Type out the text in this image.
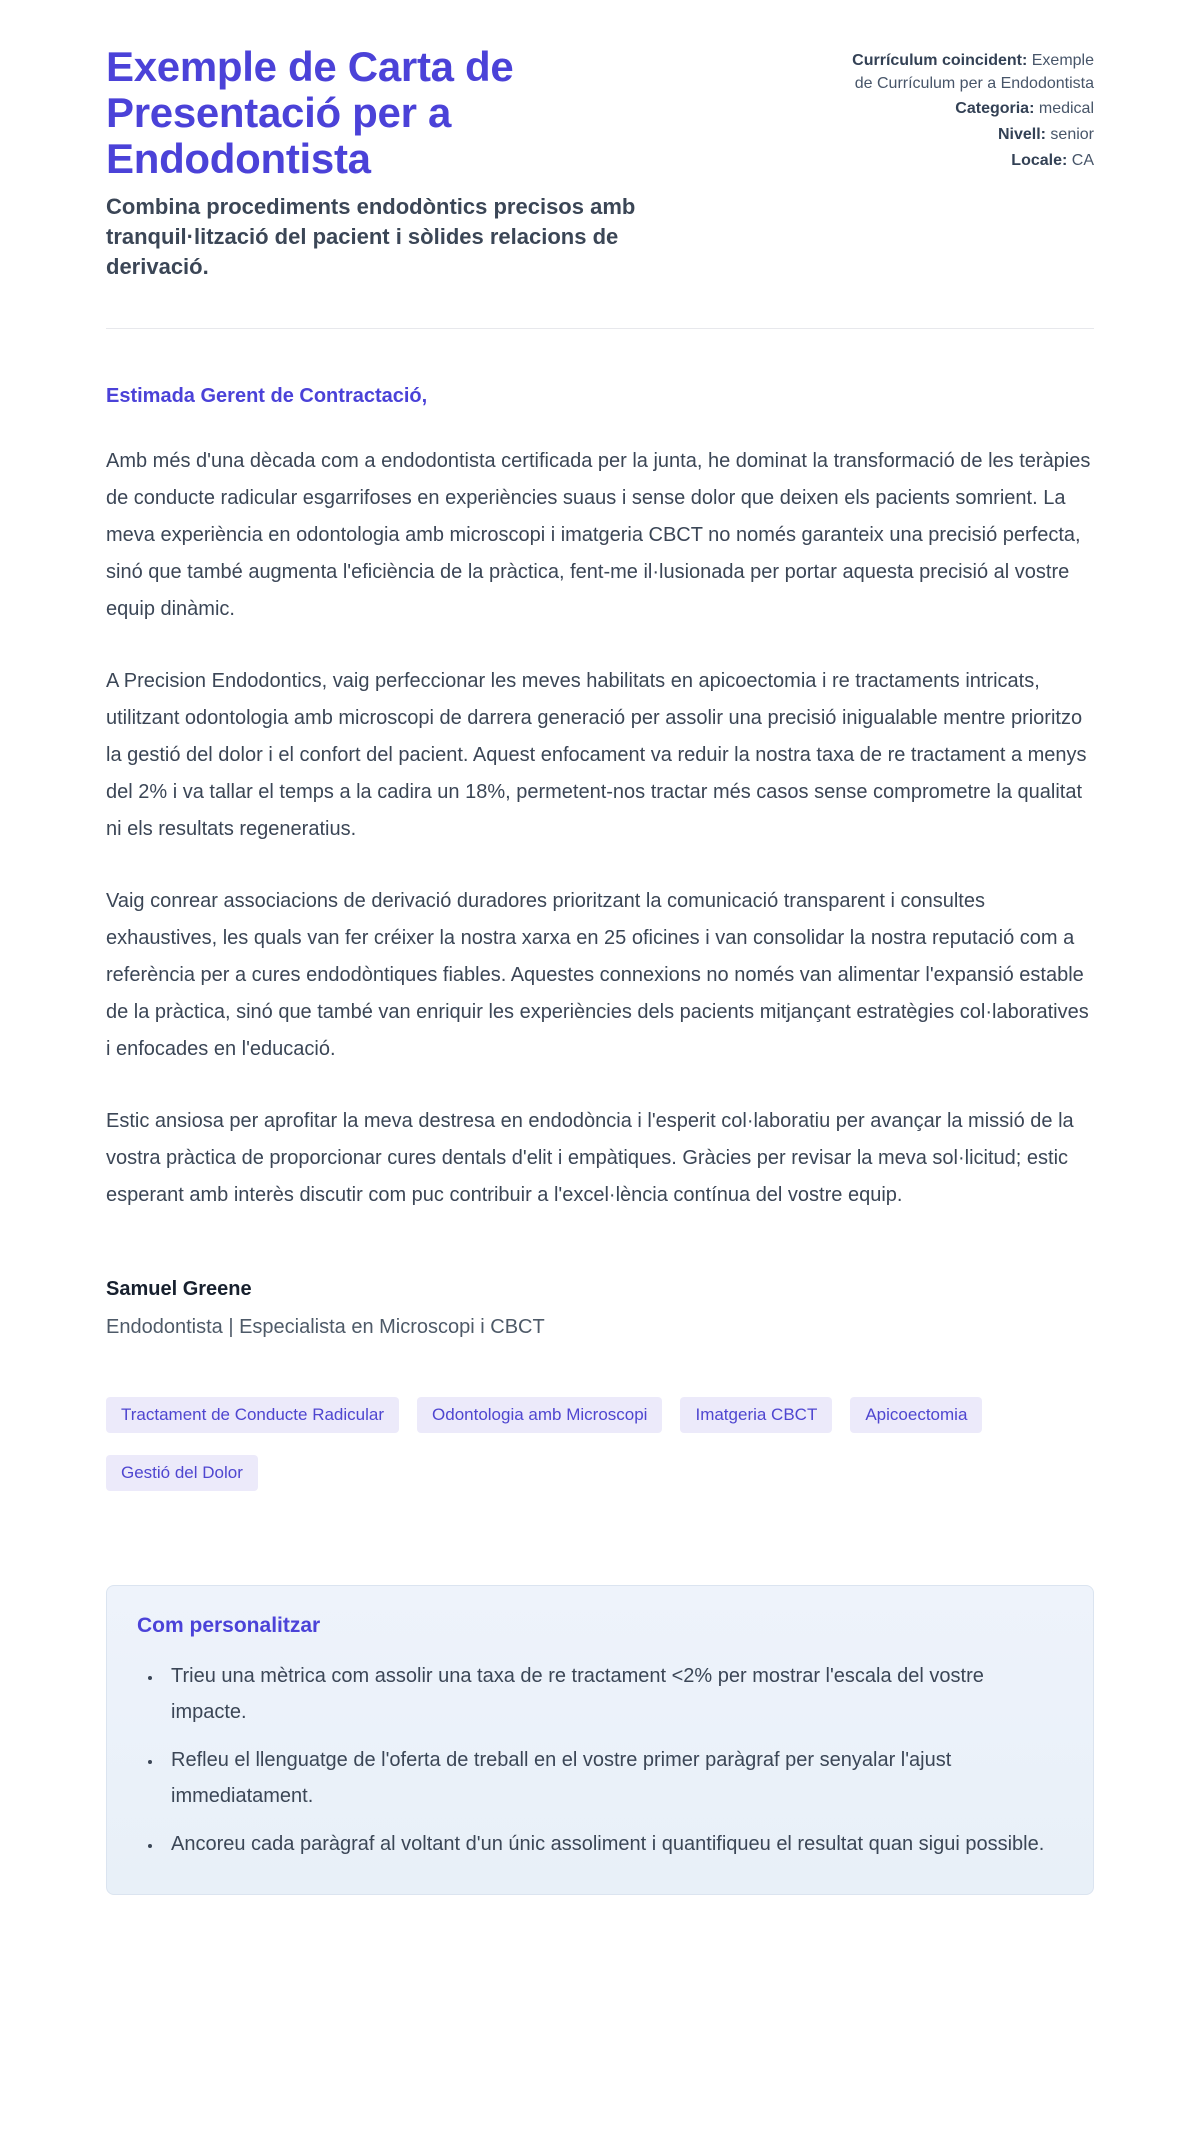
Exemple de Carta de Presentació per a Endodontista

Combina procediments endodòntics precisos amb tranquil·lització del pacient i sòlides relacions de derivació.

Currículum coincident: Exemple de Currículum per a Endodontista
Categoria: medical
Nivell: senior
Locale: CA
Estimada Gerent de Contractació,

Amb més d'una dècada com a endodontista certificada per la junta, he dominat la transformació de les teràpies de conducte radicular esgarrifoses en experiències suaus i sense dolor que deixen els pacients somrient. La meva experiència en odontologia amb microscopi i imatgeria CBCT no només garanteix una precisió perfecta, sinó que també augmenta l'eficiència de la pràctica, fent-me il·lusionada per portar aquesta precisió al vostre equip dinàmic.

A Precision Endodontics, vaig perfeccionar les meves habilitats en apicoectomia i re tractaments intricats, utilitzant odontologia amb microscopi de darrera generació per assolir una precisió inigualable mentre prioritzo la gestió del dolor i el confort del pacient. Aquest enfocament va reduir la nostra taxa de re tractament a menys del 2% i va tallar el temps a la cadira un 18%, permetent-nos tractar més casos sense comprometre la qualitat ni els resultats regeneratius.

Vaig conrear associacions de derivació duradores prioritzant la comunicació transparent i consultes exhaustives, les quals van fer créixer la nostra xarxa en 25 oficines i van consolidar la nostra reputació com a referència per a cures endodòntiques fiables. Aquestes connexions no només van alimentar l'expansió estable de la pràctica, sinó que també van enriquir les experiències dels pacients mitjançant estratègies col·laboratives i enfocades en l'educació.

Estic ansiosa per aprofitar la meva destresa en endodòncia i l'esperit col·laboratiu per avançar la missió de la vostra pràctica de proporcionar cures dentals d'elit i empàtiques. Gràcies per revisar la meva sol·licitud; estic esperant amb interès discutir com puc contribuir a l'excel·lència contínua del vostre equip.

Samuel Greene
Endodontista | Especialista en Microscopi i CBCT
Tractament de Conducte Radicular	Odontologia amb Microscopi	Imatgeria CBCT	Apicoectomia
Gestió del Dolor
Com personalitzar
• Trieu una mètrica com assolir una taxa de re tractament <2% per mostrar l'escala del vostre impacte.
• Refleu el llenguatge de l'oferta de treball en el vostre primer paràgraf per senyalar l'ajust immediatament.
• Ancoreu cada paràgraf al voltant d'un únic assoliment i quantifiqueu el resultat quan sigui possible.
